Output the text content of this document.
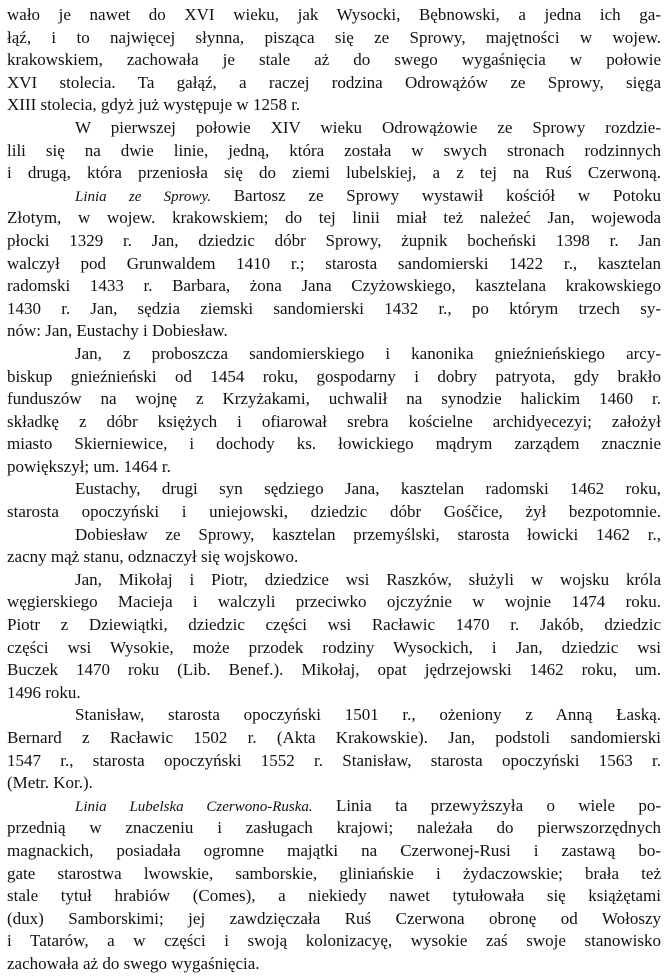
wało je nawet do XVI wieku, jak Wysocki, Bębnowski, a jedna ich ga-
łąź, i to najwięcej słynna, pisząca się ze Sprowy, majętności w wojew.
krakowskiem, zachowała je stale aż do swego wygaśnięcia w połowie
XVI stolecia. Ta gałąź, a raczej rodzina Odrowążów ze Sprowy, sięga
XIII stolecia, gdyż już występuje w 1258 r.
W pierwszej połowie XIV wieku Odrowążowie ze Sprowy rozdzie-
lili się na dwie linie, jedną, która została w swych stronach rodzinnych
i drugą, która przeniosła się do ziemi lubelskiej, a z tej na Ruś Czerwoną.
Linia ze Sprowy. Bartosz ze Sprowy wystawił kościół w Potoku
Złotym, w wojew. krakowskiem; do tej linii miał też należeć Jan, wojewoda
płocki 1329 r. Jan, dziedzic dóbr Sprowy, żupnik bocheński 1398 r. Jan
walczył pod Grunwaldem 1410 r.; starosta sandomierski 1422 r., kasztelan
radomski 1433 r. Barbara, żona Jana Czyżowskiego, kasztelana krakowskiego
1430 r. Jan, sędzia ziemski sandomierski 1432 r., po którym trzech sy-
nów: Jan, Eustachy i Dobiesław.
Jan, z proboszcza sandomierskiego i kanonika gnieźnieńskiego arcy-
biskup gnieźnieński od 1454 roku, gospodarny i dobry patryota, gdy brakło
funduszów na wojnę z Krzyżakami, uchwalił na synodzie halickim 1460 r.
składkę z dóbr księżych i ofiarował srebra kościelne archidyecezyi; założył
miasto Skierniewice, i dochody ks. łowickiego mądrym zarządem znacznie
powiększył; um. 1464 r.
Eustachy, drugi syn sędziego Jana, kasztelan radomski 1462 roku,
starosta opoczyński i uniejowski, dziedzic dóbr Gośčice, żył bezpotomnie.
Dobiesław ze Sprowy, kasztelan przemyślski, starosta łowicki 1462 r.,
zacny mąż stanu, odznaczył się wojskowo.
Jan, Mikołaj i Piotr, dziedzice wsi Raszków, służyli w wojsku króla
węgierskiego Macieja i walczyli przeciwko ojczyźnie w wojnie 1474 roku.
Piotr z Dziewiątki, dziedzic części wsi Racławic 1470 r. Jakób, dziedzic
części wsi Wysokie, może przodek rodziny Wysockich, i Jan, dziedzic wsi
Buczek 1470 roku (Lib. Benef.). Mikołaj, opat jędrzejowski 1462 roku, um.
1496 roku.
Stanisław, starosta opoczyński 1501 r., ożeniony z Anną Łaską.
Bernard z Racławic 1502 r. (Akta Krakowskie). Jan, podstoli sandomierski
1547 r., starosta opoczyński 1552 r. Stanisław, starosta opoczyński 1563 r.
(Metr. Kor.).
Linia Lubelska Czerwono-Ruska. Linia ta przewyższyła o wiele po-
przednią w znaczeniu i zasługach krajowi; należała do pierwszorzędnych
magnackich, posiadała ogromne majątki na Czerwonej-Rusi i zastawą bo-
gate starostwa lwowskie, samborskie, gliniańskie i żydaczowskie; brała też
stale tytuł hrabiów (Comes), a niekiedy nawet tytułowała się książętami
(dux) Samborskimi; jej zawdzięczała Ruś Czerwona obronę od Wołoszy
i Tatarów, a w części i swoją kolonizacyę, wysokie zaś swoje stanowisko
zachowała aż do swego wygaśnięcia.
